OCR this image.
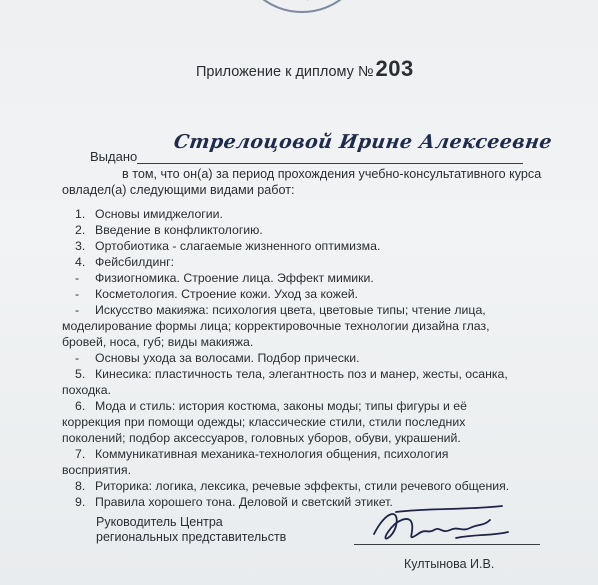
Приложение к диплому №203
Выдано
Стрелоцовой Ирине Алексеевне
в том, что он(а) за период прохождения учебно-консультативного курса
овладел(а) следующими видами работ:
1. Основы имиджелогии.
2. Введение в конфликтологию.
3. Ортобиотика - слагаемые жизненного оптимизма.
4. Фейсбилдинг:
-	Физиогномика. Строение лица. Эффект мимики.
-	Косметология. Строение кожи. Уход за кожей.
-	Искусство макияжа: психология цвета, цветовые типы; чтение лица,
моделирование формы лица; корректировочные технологии дизайна глаз,
бровей, носа, губ; виды макияжа.
-	Основы ухода за волосами. Подбор прически.
5. Кинесика: пластичность тела, элегантность поз и манер, жесты, осанка,
походка.
6. Мода и стиль: история костюма, законы моды; типы фигуры и её
коррекция при помощи одежды; классические стили, стили последних
поколений; подбор аксессуаров, головных уборов, обуви, украшений.
7. Коммуникативная механика-технология общения, психология
восприятия.
8. Риторика: логика, лексика, речевые эффекты, стили речевого общения.
9. Правила хорошего тона. Деловой и светский этикет.
Руководитель Центра
региональных представительств
Култынова И.В.
